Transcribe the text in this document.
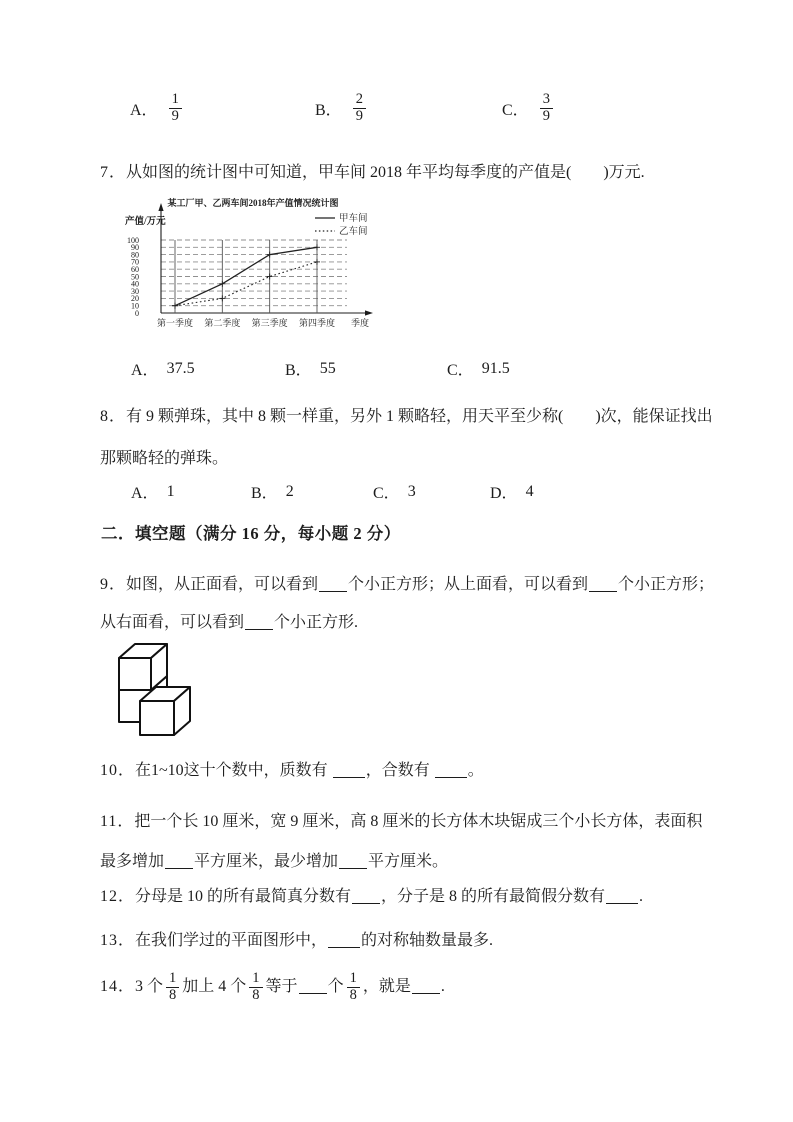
A． $\frac{1}{9}$	B． $\frac{2}{9}$	C． $\frac{3}{9}$
7．从如图的统计图中可知道，甲车间 2018 年平均每季度的产值是(　　)万元.
某工厂甲、乙两车间2018年产值情况统计图
产值/万元	甲车间
乙车间
0
10
20
30
40
50
60
70
80
90
100
第一季度 第二季度 第三季度 第四季度 季度
A． 37.5	B． 55	C． 91.5
8．有 9 颗弹珠，其中 8 颗一样重，另外 1 颗略轻，用天平至少称(　　)次，能保证找出那颗略轻的弹珠。
A． 1	B． 2	C． 3	D． 4
二．填空题（满分 16 分，每小题 2 分）
9．如图，从正面看，可以看到 个小正方形；从上面看，可以看到 个小正方形；从右面看，可以看到 个小正方形.
10．在1~10这十个数中，质数有 ，合数有 。
11．把一个长 10 厘米，宽 9 厘米，高 8 厘米的长方体木块锯成三个小长方体，表面积最多增加 平方厘米，最少增加 平方厘米。
12．分母是 10 的所有最简真分数有 ，分子是 8 的所有最简假分数有 .
13．在我们学过的平面图形中， 的对称轴数量最多.
14．3 个 $\frac{1}{8}$ 加上 4 个 $\frac{1}{8}$ 等于 个 $\frac{1}{8}$ ，就是 .
